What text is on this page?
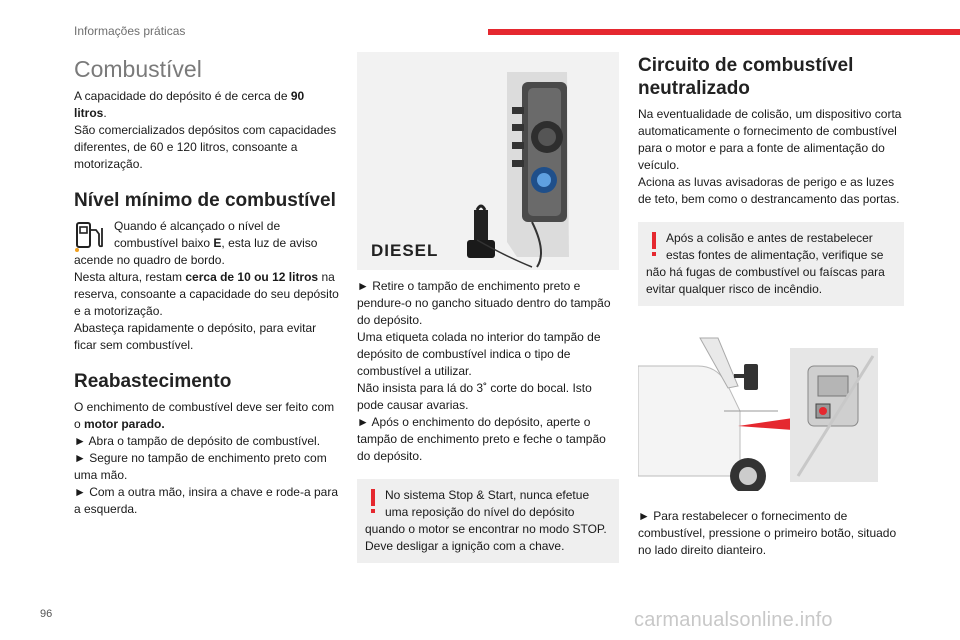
Informações práticas
Combustível

A capacidade do depósito é de cerca de 90 litros.

São comercializados depósitos com capacidades diferentes, de 60 e 120 litros, consoante a motorização.

Nível mínimo de combustível

Quando é alcançado o nível de combustível baixo E, esta luz de aviso acende no quadro de bordo.

Nesta altura, restam cerca de 10 ou 12 litros na reserva, consoante a capacidade do seu depósito e a motorização.

Abasteça rapidamente o depósito, para evitar ficar sem combustível.

Reabastecimento

O enchimento de combustível deve ser feito com o motor parado.

► Abra o tampão de depósito de combustível.

► Segure no tampão de enchimento preto com uma mão.

► Com a outra mão, insira a chave e rode-a para a esquerda.

DIESEL

► Retire o tampão de enchimento preto e pendure-o no gancho situado dentro do tampão do depósito.

Uma etiqueta colada no interior do tampão de depósito de combustível indica o tipo de combustível a utilizar.

Não insista para lá do 3˚ corte do bocal. Isto pode causar avarias.

► Após o enchimento do depósito, aperte o tampão de enchimento preto e feche o tampão do depósito.

No sistema Stop & Start, nunca efetue uma reposição do nível do depósito quando o motor se encontrar no modo STOP. Deve desligar a ignição com a chave.
Circuito de combustível neutralizado

Na eventualidade de colisão, um dispositivo corta automaticamente o fornecimento de combustível para o motor e para a fonte de alimentação do veículo.

Aciona as luvas avisadoras de perigo e as luzes de teto, bem como o destrancamento das portas.

Após a colisão e antes de restabelecer estas fontes de alimentação, verifique se não há fugas de combustível ou faíscas para evitar qualquer risco de incêndio.

► Para restabelecer o fornecimento de combustível, pressione o primeiro botão, situado no lado direito dianteiro.

96	carmanualsonline.info
